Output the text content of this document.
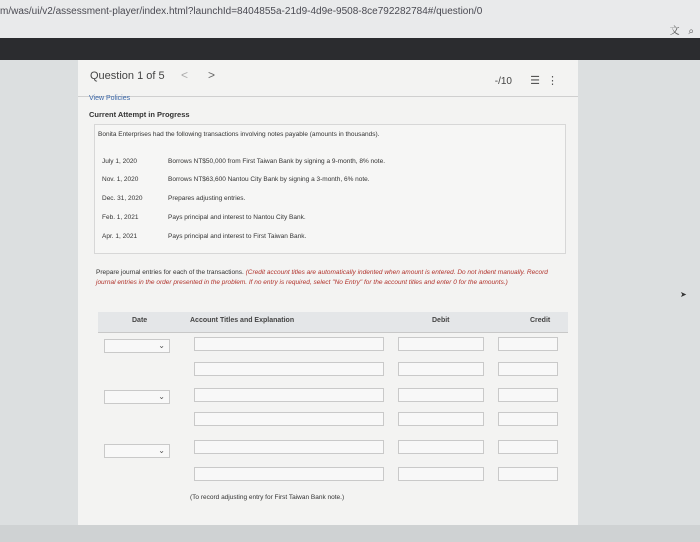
m/was/ui/v2/assessment-player/index.html?launchId=8404855a-21d9-4d9e-9508-8ce792282784#/question/0
文 ⌕
Question 1 of 5 < >	-/10 ☰ ⋮
View Policies
Current Attempt in Progress
Bonita Enterprises had the following transactions involving notes payable (amounts in thousands).
July 1, 2020	Borrows NT$50,000 from First Taiwan Bank by signing a 9-month, 8% note.
Nov. 1, 2020	Borrows NT$63,600 Nantou City Bank by signing a 3-month, 6% note.
Dec. 31, 2020	Prepares adjusting entries.
Feb. 1, 2021	Pays principal and interest to Nantou City Bank.
Apr. 1, 2021	Pays principal and interest to First Taiwan Bank.
Prepare journal entries for each of the transactions. (Credit account titles are automatically indented when amount is entered. Do not indent manually. Record journal entries in the order presented in the problem. If no entry is required, select "No Entry" for the account titles and enter 0 for the amounts.)
Date	Account Titles and Explanation	Debit	Credit
⌄
⌄
⌄
(To record adjusting entry for First Taiwan Bank note.)
➤
